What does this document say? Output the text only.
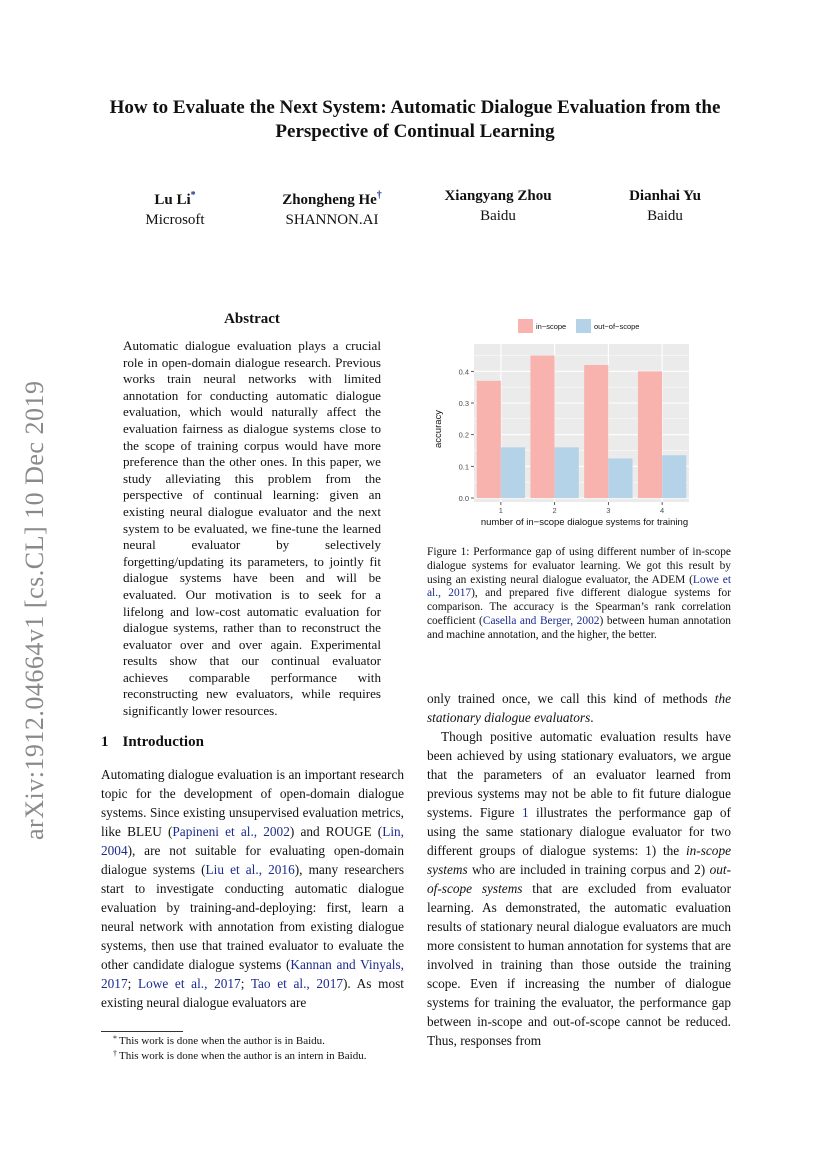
arXiv:1912.04664v1 [cs.CL] 10 Dec 2019
How to Evaluate the Next System: Automatic Dialogue Evaluation from the Perspective of Continual Learning
Lu Li*
Microsoft
Zhongheng He†
SHANNON.AI
Xiangyang Zhou
Baidu
Dianhai Yu
Baidu
Abstract
Automatic dialogue evaluation plays a crucial role in open-domain dialogue research. Previous works train neural networks with limited annotation for conducting automatic dialogue evaluation, which would naturally affect the evaluation fairness as dialogue systems close to the scope of training corpus would have more preference than the other ones. In this paper, we study alleviating this problem from the perspective of continual learning: given an existing neural dialogue evaluator and the next system to be evaluated, we fine-tune the learned neural evaluator by selectively forgetting/updating its parameters, to jointly fit dialogue systems have been and will be evaluated. Our motivation is to seek for a lifelong and low-cost automatic evaluation for dialogue systems, rather than to reconstruct the evaluator over and over again. Experimental results show that our continual evaluator achieves comparable performance with reconstructing new evaluators, while requires significantly lower resources.
1 Introduction
Automating dialogue evaluation is an important research topic for the development of open-domain dialogue systems. Since existing unsupervised evaluation metrics, like BLEU (Papineni et al., 2002) and ROUGE (Lin, 2004), are not suitable for evaluating open-domain dialogue systems (Liu et al., 2016), many researchers start to investigate conducting automatic dialogue evaluation by training-and-deploying: first, learn a neural network with annotation from existing dialogue systems, then use that trained evaluator to evaluate the other candidate dialogue systems (Kannan and Vinyals, 2017; Lowe et al., 2017; Tao et al., 2017). As most existing neural dialogue evaluators are
* This work is done when the author is in Baidu.
† This work is done when the author is an intern in Baidu.
0.0
0.1
0.2
0.3
0.4
1	2	3	4
number of in−scope dialogue systems for training
accuracy
in−scope	out−of−scope
Figure 1: Performance gap of using different number of in-scope dialogue systems for evaluator learning. We got this result by using an existing neural dialogue evaluator, the ADEM (Lowe et al., 2017), and prepared five different dialogue systems for comparison. The accuracy is the Spearman’s rank correlation coefficient (Casella and Berger, 2002) between human annotation and machine annotation, and the higher, the better.

only trained once, we call this kind of methods the stationary dialogue evaluators.

Though positive automatic evaluation results have been achieved by using stationary evaluators, we argue that the parameters of an evaluator learned from previous systems may not be able to fit future dialogue systems. Figure 1 illustrates the performance gap of using the same stationary dialogue evaluator for two different groups of dialogue systems: 1) the in-scope systems who are included in training corpus and 2) out-of-scope systems that are excluded from evaluator learning. As demonstrated, the automatic evaluation results of stationary neural dialogue evaluators are much more consistent to human annotation for systems that are involved in training than those outside the training scope. Even if increasing the number of dialogue systems for training the evaluator, the performance gap between in-scope and out-of-scope cannot be reduced. Thus, responses from
